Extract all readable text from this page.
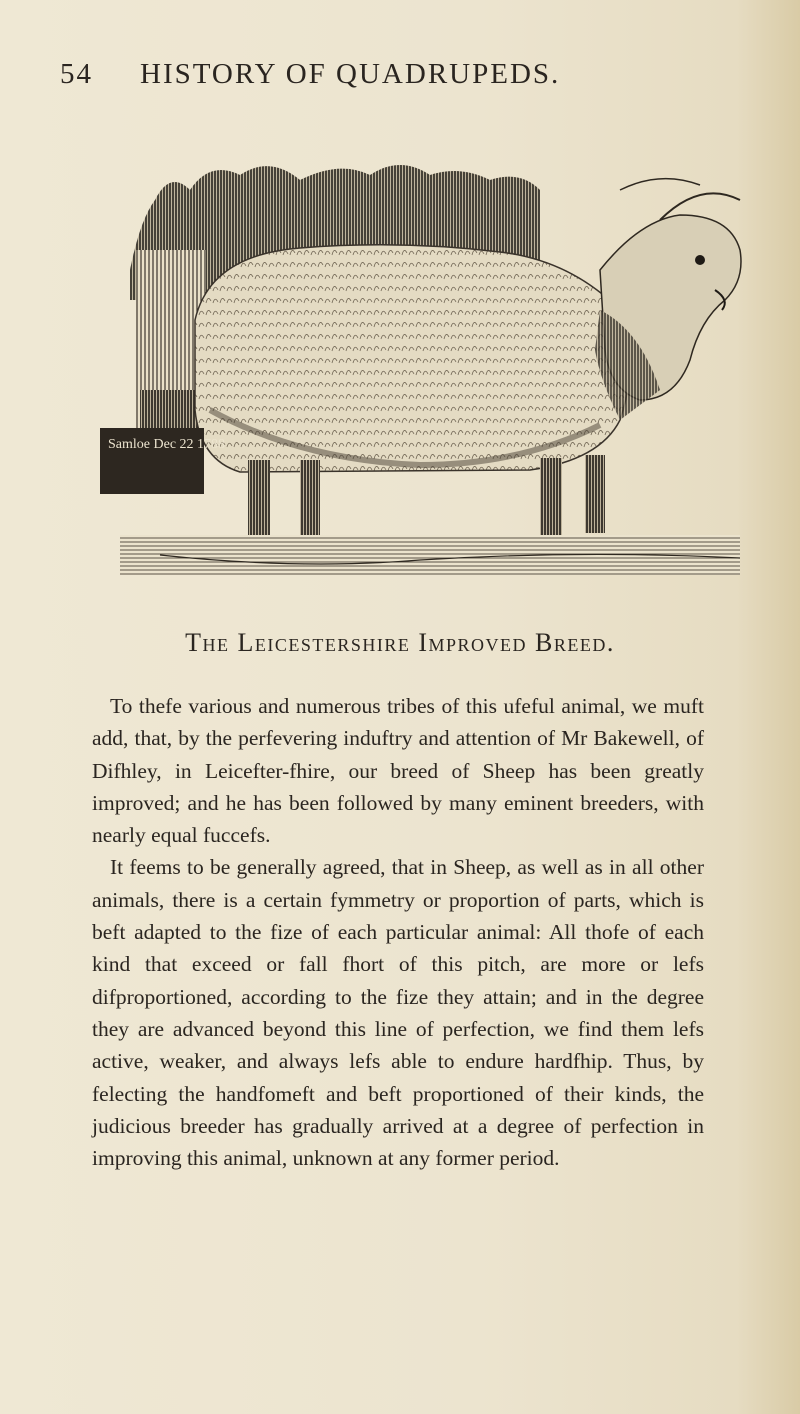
54 HISTORY OF QUADRUPEDS.
Samloe Dec 22 1788
The Leicestershire Improved Breed.

To thefe various and numerous tribes of this ufeful animal, we muft add, that, by the perfevering induftry and attention of Mr Bakewell, of Difhley, in Leicefter-fhire, our breed of Sheep has been greatly improved; and he has been followed by many eminent breeders, with nearly equal fuccefs.

It feems to be generally agreed, that in Sheep, as well as in all other animals, there is a certain fymmetry or proportion of parts, which is beft adapted to the fize of each particular animal: All thofe of each kind that exceed or fall fhort of this pitch, are more or lefs difproportioned, according to the fize they attain; and in the degree they are advanced beyond this line of perfection, we find them lefs active, weaker, and always lefs able to endure hardfhip. Thus, by felecting the handfomeft and beft proportioned of their kinds, the judicious breeder has gradually arrived at a degree of perfection in improving this animal, unknown at any former period.
